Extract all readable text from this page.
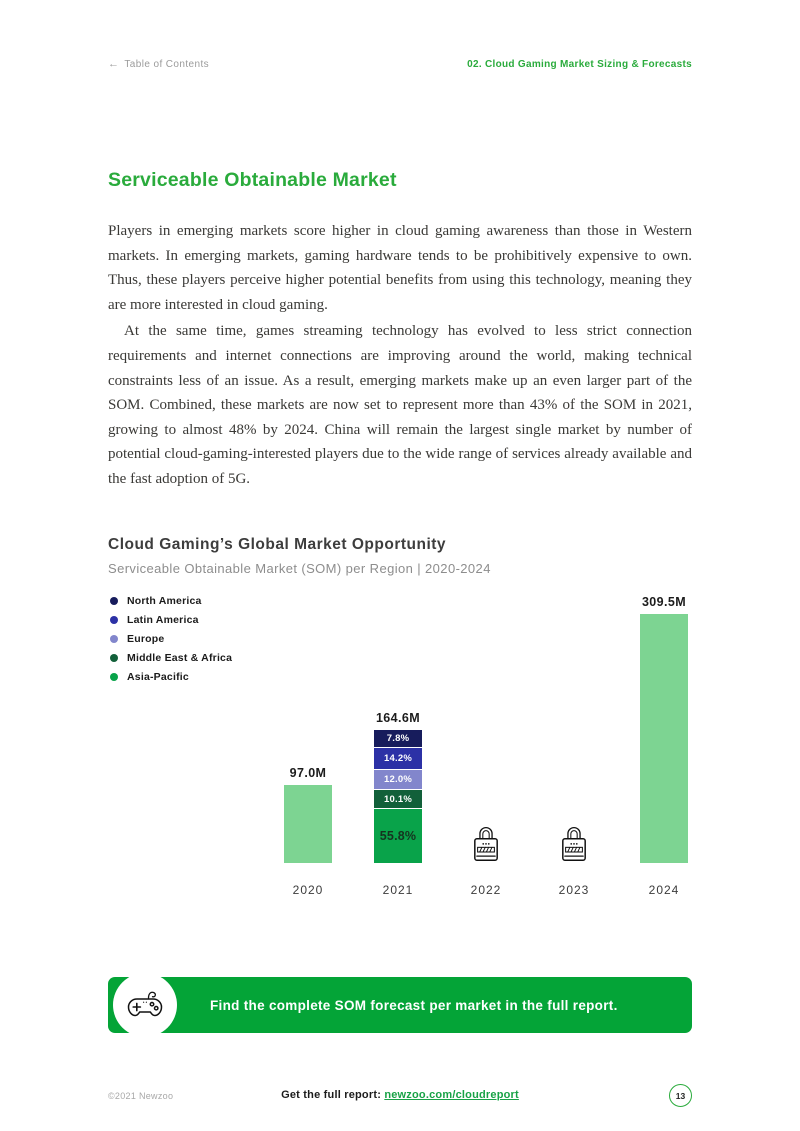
← Table of Contents	02. Cloud Gaming Market Sizing & Forecasts
Serviceable Obtainable Market

Players in emerging markets score higher in cloud gaming awareness than those in Western markets. In emerging markets, gaming hardware tends to be prohibitively expensive to own. Thus, these players perceive higher potential benefits from using this technology, meaning they are more interested in cloud gaming.

At the same time, games streaming technology has evolved to less strict connection requirements and internet connections are improving around the world, making technical constraints less of an issue. As a result, emerging markets make up an even larger part of the SOM. Combined, these markets are now set to represent more than 43% of the SOM in 2021, growing to almost 48% by 2024. China will remain the largest single market by number of potential cloud-gaming-interested players due to the wide range of services already available and the fast adoption of 5G.

Cloud Gaming’s Global Market Opportunity
Serviceable Obtainable Market (SOM) per Region | 2020-2024
North America
Latin America
Europe
Middle East & Africa
Asia-Pacific
2020
97.0M
2021
7.8%
14.2%
12.0%
10.1%
55.8%
164.6M
2022	2023	2024
309.5M
Find the complete SOM forecast per market in the full report.
©2021 Newzoo	Get the full report: newzoo.com/cloudreport	13
